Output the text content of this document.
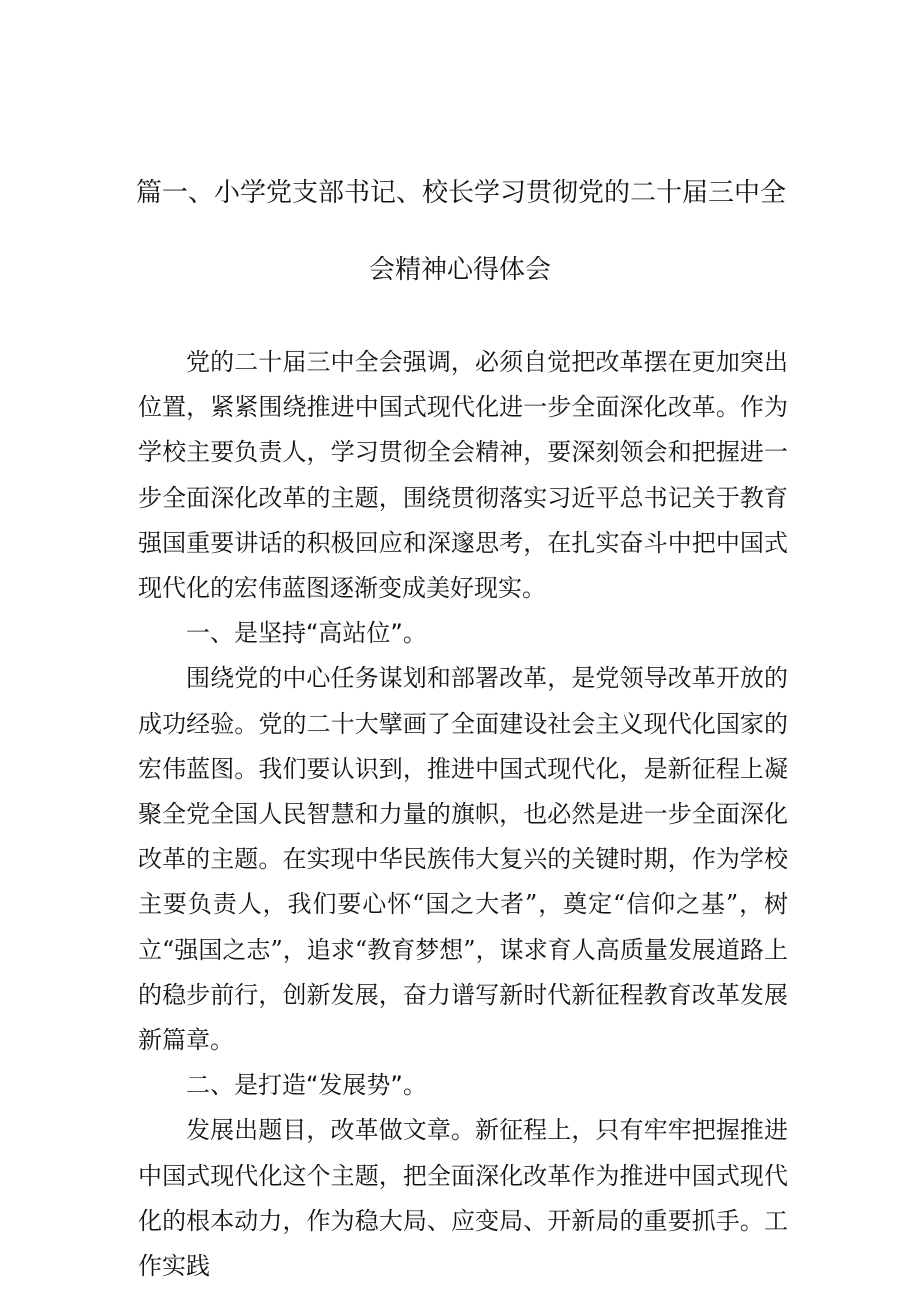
篇一、小学党支部书记、校长学习贯彻党的二十届三中全
会精神心得体会

党的二十届三中全会强调，必须自觉把改革摆在更加突出位置，紧紧围绕推进中国式现代化进一步全面深化改革。作为学校主要负责人，学习贯彻全会精神，要深刻领会和把握进一步全面深化改革的主题，围绕贯彻落实习近平总书记关于教育强国重要讲话的积极回应和深邃思考，在扎实奋斗中把中国式现代化的宏伟蓝图逐渐变成美好现实。

一、是坚持“高站位”。

围绕党的中心任务谋划和部署改革，是党领导改革开放的成功经验。党的二十大擘画了全面建设社会主义现代化国家的宏伟蓝图。我们要认识到，推进中国式现代化，是新征程上凝聚全党全国人民智慧和力量的旗帜，也必然是进一步全面深化改革的主题。在实现中华民族伟大复兴的关键时期，作为学校主要负责人，我们要心怀“国之大者”，奠定“信仰之基”，树立“强国之志”，追求“教育梦想”，谋求育人高质量发展道路上的稳步前行，创新发展，奋力谱写新时代新征程教育改革发展新篇章。

二、是打造“发展势”。

发展出题目，改革做文章。新征程上，只有牢牢把握推进中国式现代化这个主题，把全面深化改革作为推进中国式现代化的根本动力，作为稳大局、应变局、开新局的重要抓手。工作实践
